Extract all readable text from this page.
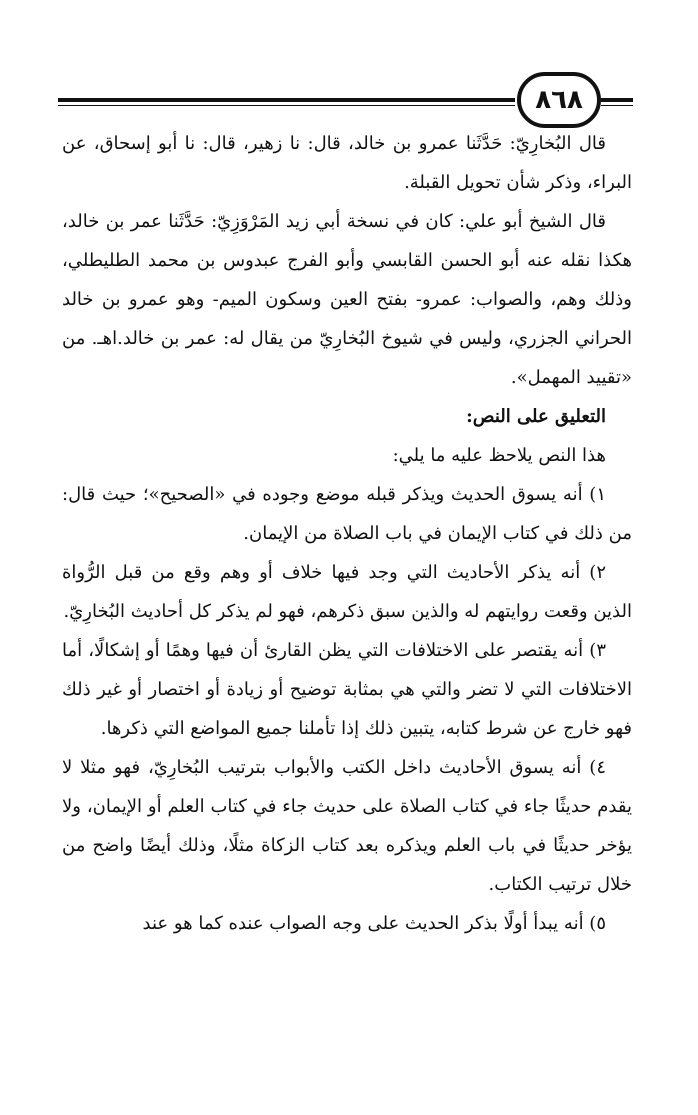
٨٦٨

قال البُخارِيّ: حَدَّثَنا عمرو بن خالد، قال: نا زهير، قال: نا أبو إسحاق، عن البراء، وذكر شأن تحويل القبلة.

قال الشيخ أبو علي: كان في نسخة أبي زيد المَرْوَزِيّ: حَدَّثَنا عمر بن خالد، هكذا نقله عنه أبو الحسن القابسي وأبو الفرج عبدوس بن محمد الطليطلي، وذلك وهم، والصواب: عمرو- بفتح العين وسكون الميم- وهو عمرو بن خالد الحراني الجزري، وليس في شيوخ البُخارِيّ من يقال له: عمر بن خالد.اهـ. من «تقييد المهمل».

التعليق على النص:

هذا النص يلاحظ عليه ما يلي:

١) أنه يسوق الحديث ويذكر قبله موضع وجوده في «الصحيح»؛ حيث قال: من ذلك في كتاب الإيمان في باب الصلاة من الإيمان.

٢) أنه يذكر الأحاديث التي وجد فيها خلاف أو وهم وقع من قبل الرُّواة الذين وقعت روايتهم له والذين سبق ذكرهم، فهو لم يذكر كل أحاديث البُخارِيّ.

٣) أنه يقتصر على الاختلافات التي يظن القارئ أن فيها وهمًا أو إشكالًا، أما الاختلافات التي لا تضر والتي هي بمثابة توضيح أو زيادة أو اختصار أو غير ذلك فهو خارج عن شرط كتابه، يتبين ذلك إذا تأملنا جميع المواضع التي ذكرها.

٤) أنه يسوق الأحاديث داخل الكتب والأبواب بترتيب البُخارِيّ، فهو مثلا لا يقدم حديثًا جاء في كتاب الصلاة على حديث جاء في كتاب العلم أو الإيمان، ولا يؤخر حديثًا في باب العلم ويذكره بعد كتاب الزكاة مثلًا، وذلك أيضًا واضح من خلال ترتيب الكتاب.

٥) أنه يبدأ أولًا بذكر الحديث على وجه الصواب عنده كما هو عند
